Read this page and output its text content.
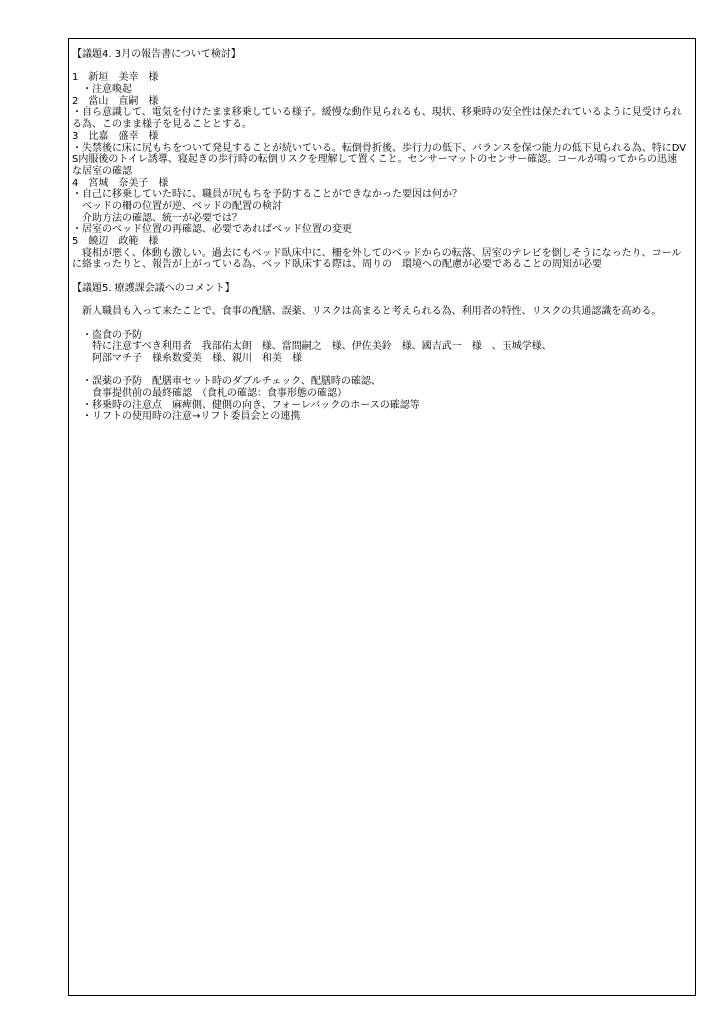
【議題4. 3月の報告書について検討】
1　新垣　美幸　様
　・注意喚起
2　當山　直嗣　様
・自ら意識して、電気を付けたまま移乗している様子。緩慢な動作見られるも、現状、移乗時の安全性は保たれているように見受けられる為、このまま様子を見ることとする。
3　比嘉　盛幸　様
・失禁後に床に尻もちをついて発見することが続いている。転倒骨折後、歩行力の低下、バランスを保つ能力の低下見られる為、特にDVS内服後のトイレ誘導、寝起きの歩行時の転倒リスクを理解して置くこと。センサーマットのセンサー確認。コールが鳴ってからの迅速な居室の確認
4　宮城　奈美子　様
・自己に移乗していた時に、職員が尻もちを予防することができなかった要因は何か？
　ベッドの柵の位置が逆、ベッドの配置の検討
　介助方法の確認、統一が必要では？
・居室のベッド位置の再確認、必要であればベッド位置の変更
5　饒辺　政範　様
　寝相が悪く、体動も激しい。過去にもベッド臥床中に、柵を外してのベッドからの転落、居室のテレビを倒しそうになったり、コールに絡まったりと、報告が上がっている為、ベッド臥床する際は、周りの　環境への配慮が必要であることの周知が必要
【議題5. 療護課会議へのコメント】
　新人職員も入って来たことで、食事の配膳、誤薬、リスクは高まると考えられる為、利用者の特性、リスクの共通認識を高める。
　・盗食の予防
　　特に注意すべき利用者　我部佑太朗　様、當間嗣之　様、伊佐美鈴　様、國吉武一　様　、玉城学様、
　　阿部マチ子　様糸数愛美　様、親川　和美　様
　・誤薬の予防　配膳車セット時のダブルチェック、配膳時の確認、
　　食事提供前の最終確認　（食札の確認：食事形態の確認）
　・移乗時の注意点　麻痺側、健側の向き、フォーレバックのホースの確認等
　・リフトの使用時の注意→リフト委員会との連携
